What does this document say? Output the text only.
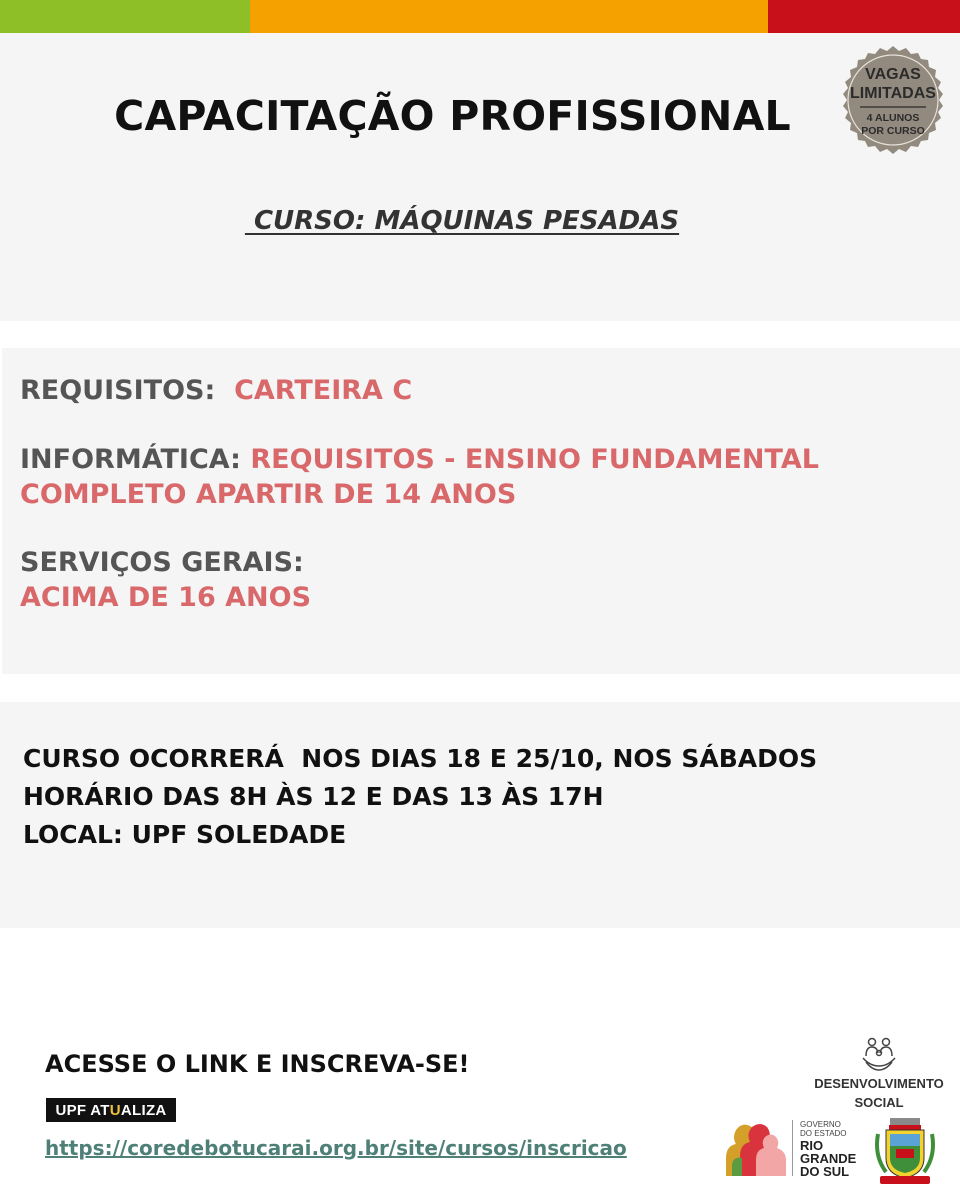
CAPACITAÇÃO PROFISSIONAL
CURSO: MÁQUINAS PESADAS
VAGAS
LIMITADAS
4 ALUNOS
POR CURSO

REQUISITOS:  CARTEIRA C

INFORMÁTICA: REQUISITOS - ENSINO FUNDAMENTAL
COMPLETO APARTIR DE 14 ANOS

SERVIÇOS GERAIS:
ACIMA DE 16 ANOS

CURSO OCORRERÁ  NOS DIAS 18 E 25/10, NOS SÁBADOS
HORÁRIO DAS 8H ÀS 12 E DAS 13 ÀS 17H
LOCAL: UPF SOLEDADE

ACESSE O LINK E INSCREVA-SE!

UPF AT U ALIZA
https://coredebotucarai.org.br/site/cursos/inscricao
DESENVOLVIMENTO
SOCIAL
GOVERNO
DO ESTADO
RIO
GRANDE
DO SUL
